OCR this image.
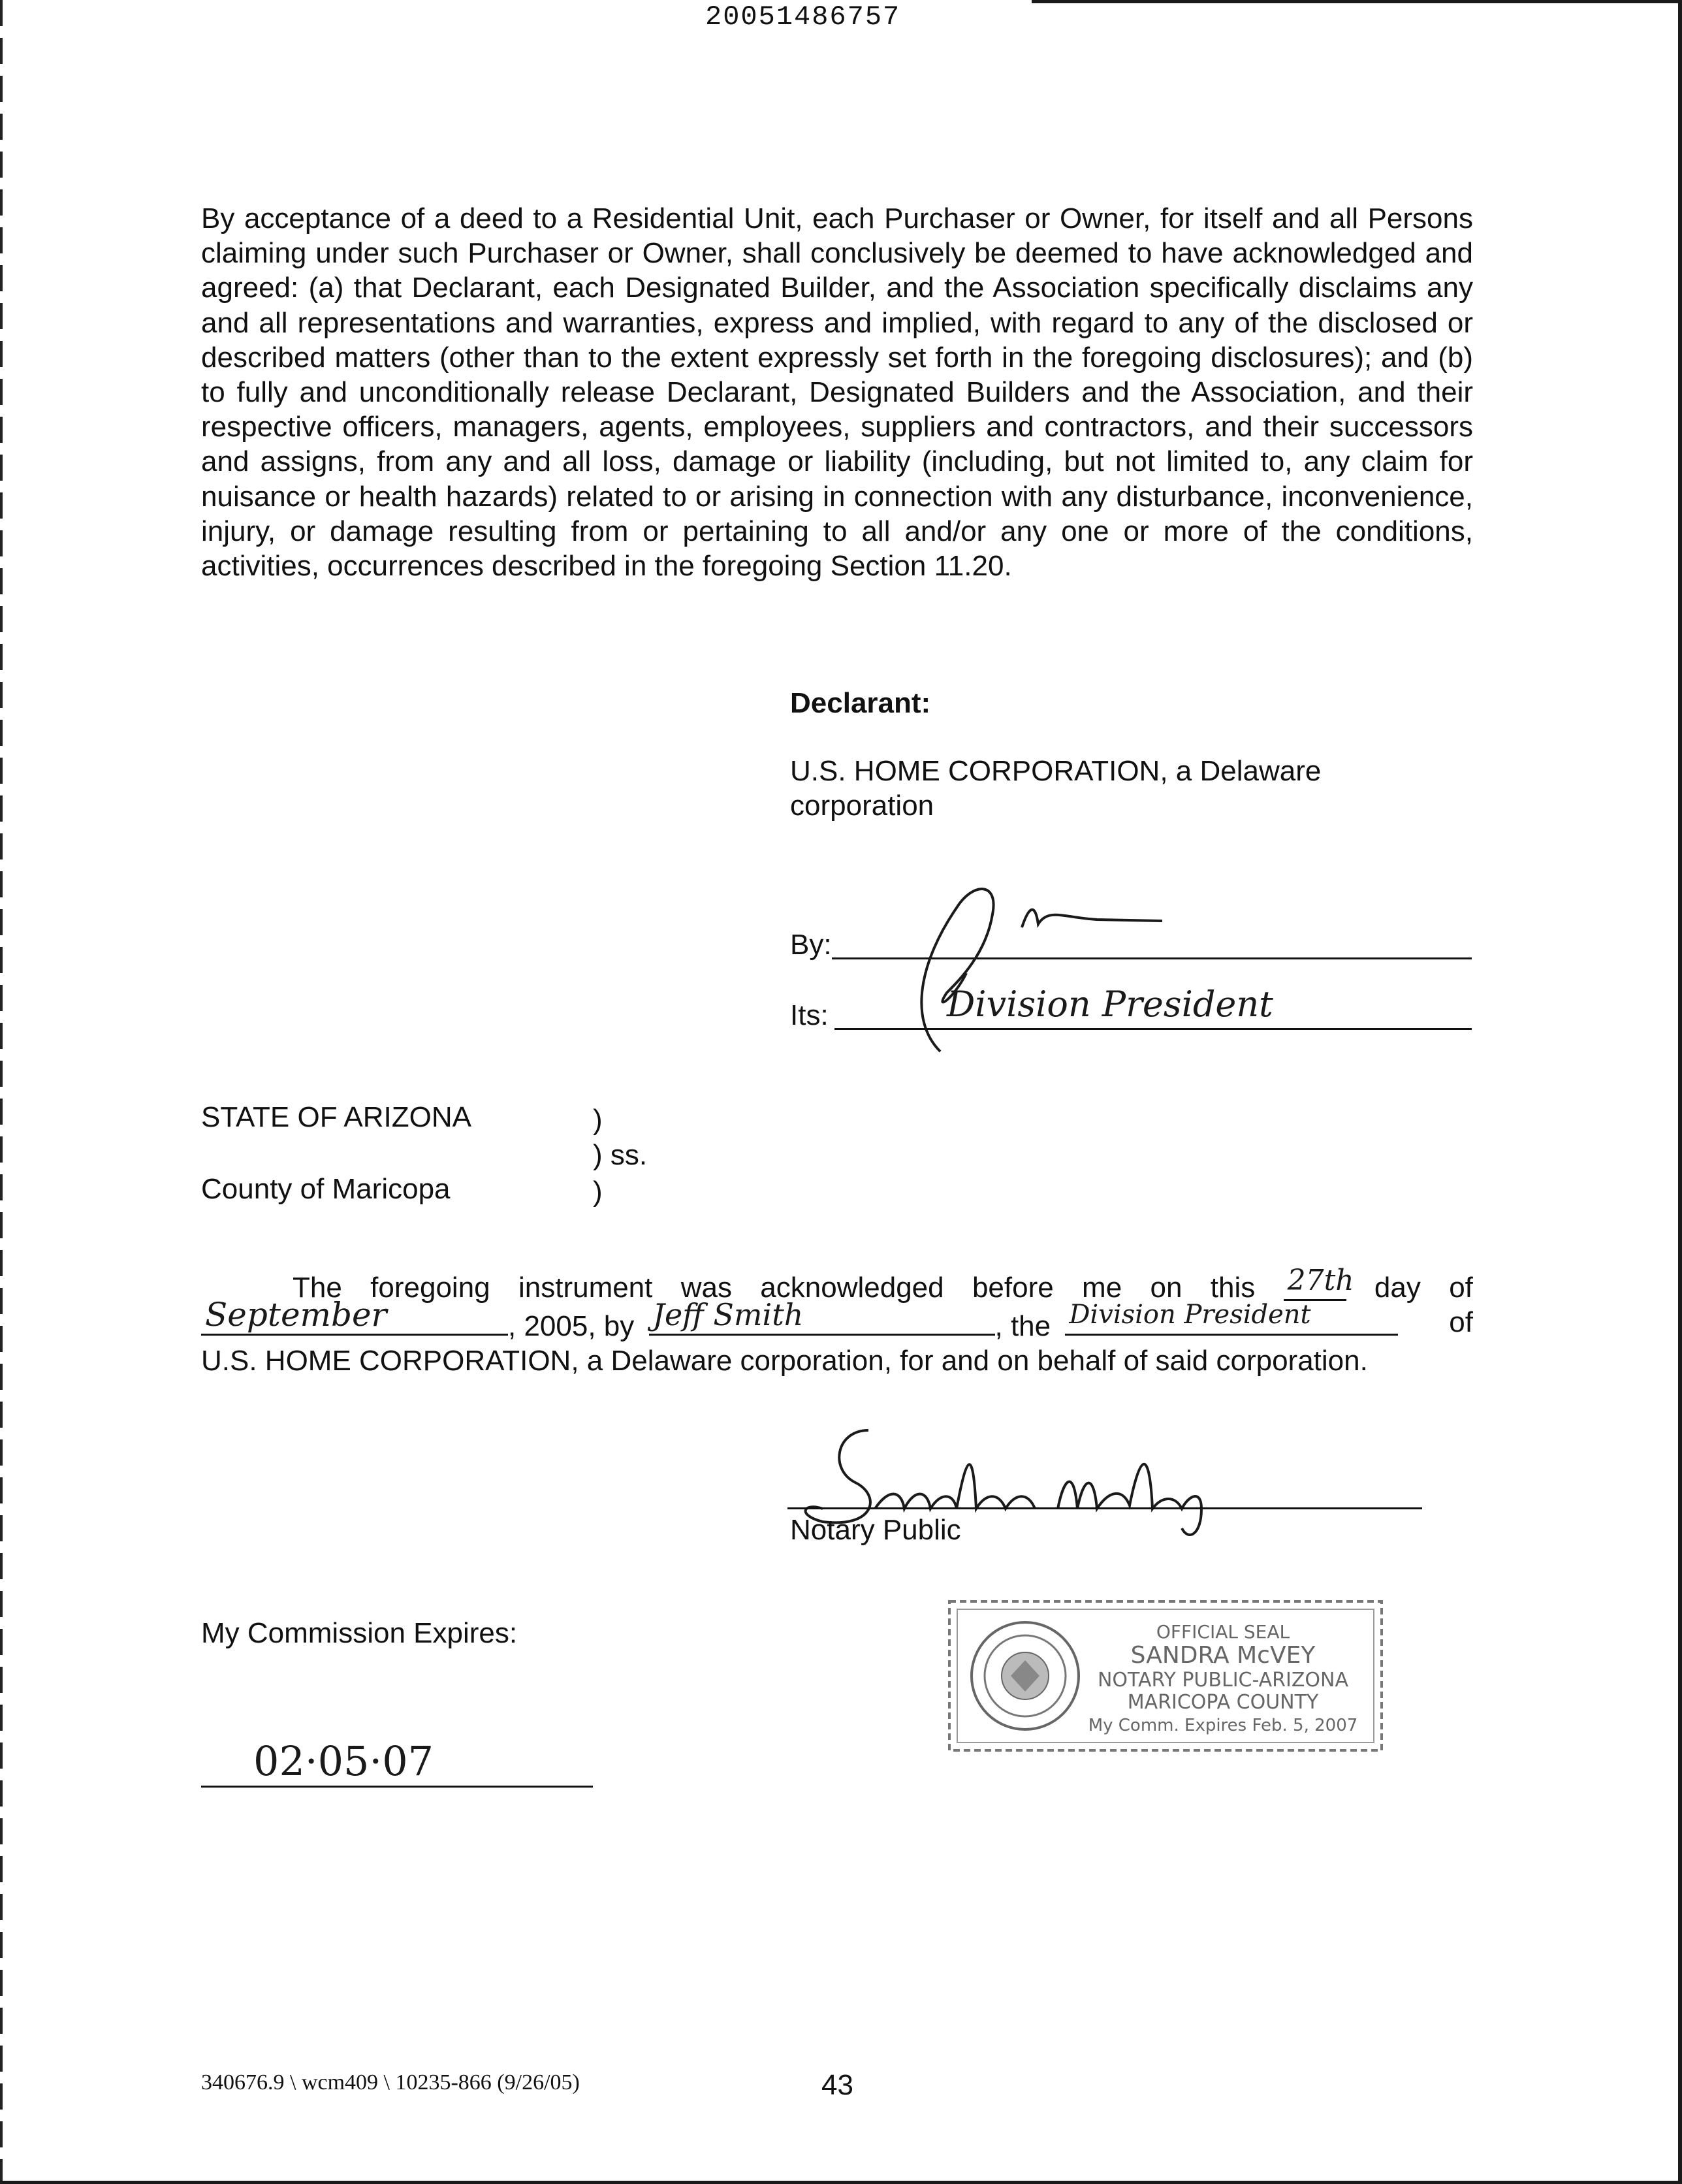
20051486757
By acceptance of a deed to a Residential Unit, each Purchaser or Owner, for itself and all Persons claiming under such Purchaser or Owner, shall conclusively be deemed to have acknowledged and agreed: (a) that Declarant, each Designated Builder, and the Association specifically disclaims any and all representations and warranties, express and implied, with regard to any of the disclosed or described matters (other than to the extent expressly set forth in the foregoing disclosures); and (b) to fully and unconditionally release Declarant, Designated Builders and the Association, and their respective officers, managers, agents, employees, suppliers and contractors, and their successors and assigns, from any and all loss, damage or liability (including, but not limited to, any claim for nuisance or health hazards) related to or arising in connection with any disturbance, inconvenience, injury, or damage resulting from or pertaining to all and/or any one or more of the conditions, activities, occurrences described in the foregoing Section 11.20.
Declarant:
U.S. HOME CORPORATION, a Delaware
corporation
By:
Its:	Division President
STATE OF ARIZONA	)
) ss.
County of Maricopa	)
The foregoing instrument was acknowledged before me on this 27th day of
September	, 2005, by Jeff Smith	, the Division President	of
U.S. HOME CORPORATION, a Delaware corporation, for and on behalf of said corporation.
Notary Public
My Commission Expires:
02·05·07
OFFICIAL SEAL
SANDRA McVEY
NOTARY PUBLIC-ARIZONA
MARICOPA COUNTY
My Comm. Expires Feb. 5, 2007
340676.9 \ wcm409 \ 10235-866 (9/26/05)	43
